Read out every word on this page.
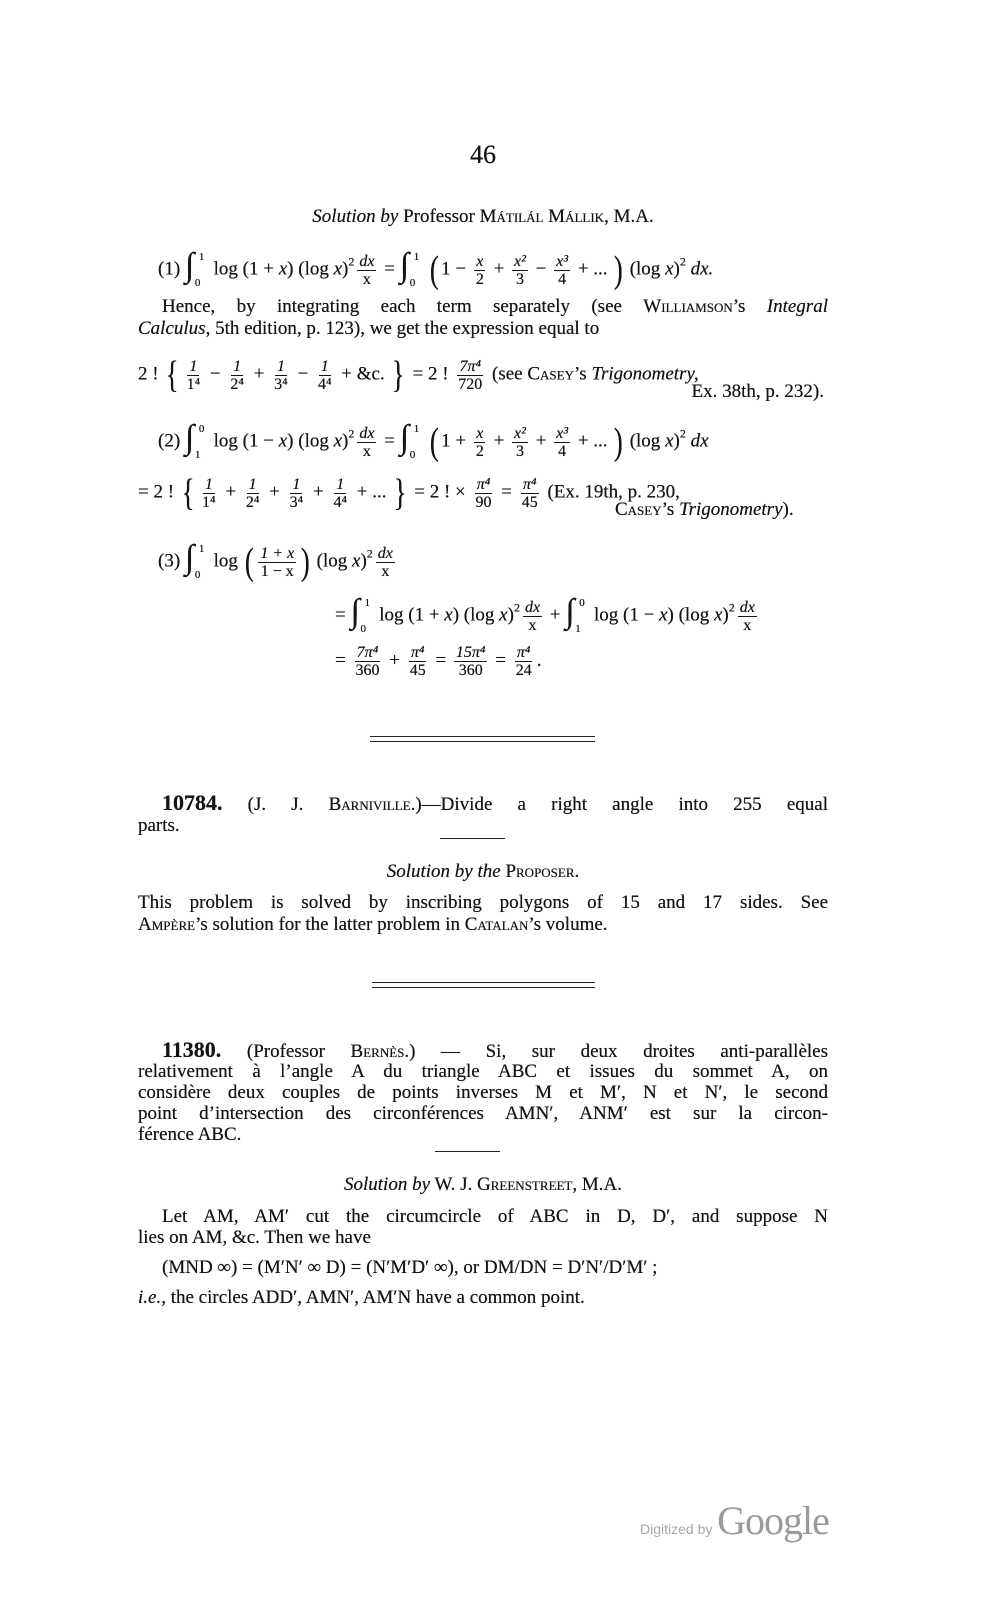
46
Solution by Professor Mátilál Mállik, M.A.
(1) ∫ 1
0
log (1 + x) (log $x)^2 \frac{dx}{x}$ = ∫ 1
0 ($1 - \frac{x}{2} + \frac{\text{x²}}{3} - \frac{\text{x³}}{4}$ + ... ) (log x)$^2$ dx.
Hence, by integrating each term separately (see Williamson’s Integral
Calculus, 5th edition, p. 123), we get the expression equal to
2 ! { $\frac{1}{\text{1⁴}} - \frac{1}{\text{2⁴}} + \frac{1}{\text{3⁴}} - \frac{1}{\text{4⁴}}$ + &c. } = 2 ! $\frac{\text{7π⁴}}{720} (see$ Casey’s Trigonometry,
Ex. 38th, p. 232).
(2) ∫ 0
1
log (1 − x) (log $x)^2 \frac{dx}{x}$ = ∫ 1
0 ($1 + \frac{x}{2} + \frac{\text{x²}}{3} + \frac{\text{x³}}{4}$ + ... ) (log x)$^2$ dx
= 2 ! { $\frac{1}{\text{1⁴}} + \frac{1}{\text{2⁴}} + \frac{1}{\text{3⁴}} + \frac{1}{\text{4⁴}}$ + ... } = 2 ! × $\frac{\text{π⁴}}{90} = \frac{\text{π⁴}}{45} (Ex$. 19th, p. 230,
Casey’s Trigonometry).
(3) ∫ 1
0
log ( $\frac{1 + x}{1 - x}$ ) (log $x)^2 \frac{dx}{x}$
= ∫ 1
0
log (1 + x) (log $x)^2 \frac{dx}{x}$ + ∫ 0
1
log (1 − x) (log $x)^2 \frac{dx}{x}$
= $\frac{\text{7π⁴}}{360} + \frac{\text{π⁴}}{45} = \frac{\text{15π⁴}}{360} = \frac{\text{π⁴}}{24}$ .
10784. (J. J. Barniville.)—Divide a right angle into 255 equal
parts.
Solution by the Proposer.
This problem is solved by inscribing polygons of 15 and 17 sides. See
Ampère’s solution for the latter problem in Catalan’s volume.
11380. (Professor Bernès.) — Si, sur deux droites anti-parallèles
relativement à l’angle A du triangle ABC et issues du sommet A, on
considère deux couples de points inverses M et M′, N et N′, le second
point d’intersection des circonférences AMN′, ANM′ est sur la circon-
férence ABC.
Solution by W. J. Greenstreet, M.A.
Let AM, AM′ cut the circumcircle of ABC in D, D′, and suppose N
lies on AM, &c. Then we have
(MND ∞) = (M′N′ ∞ D) = (N′M′D′ ∞), or DM/DN = D′N′/D′M′ ;
i.e., the circles ADD′, AMN′, AM′N have a common point.
Digitized by Google
